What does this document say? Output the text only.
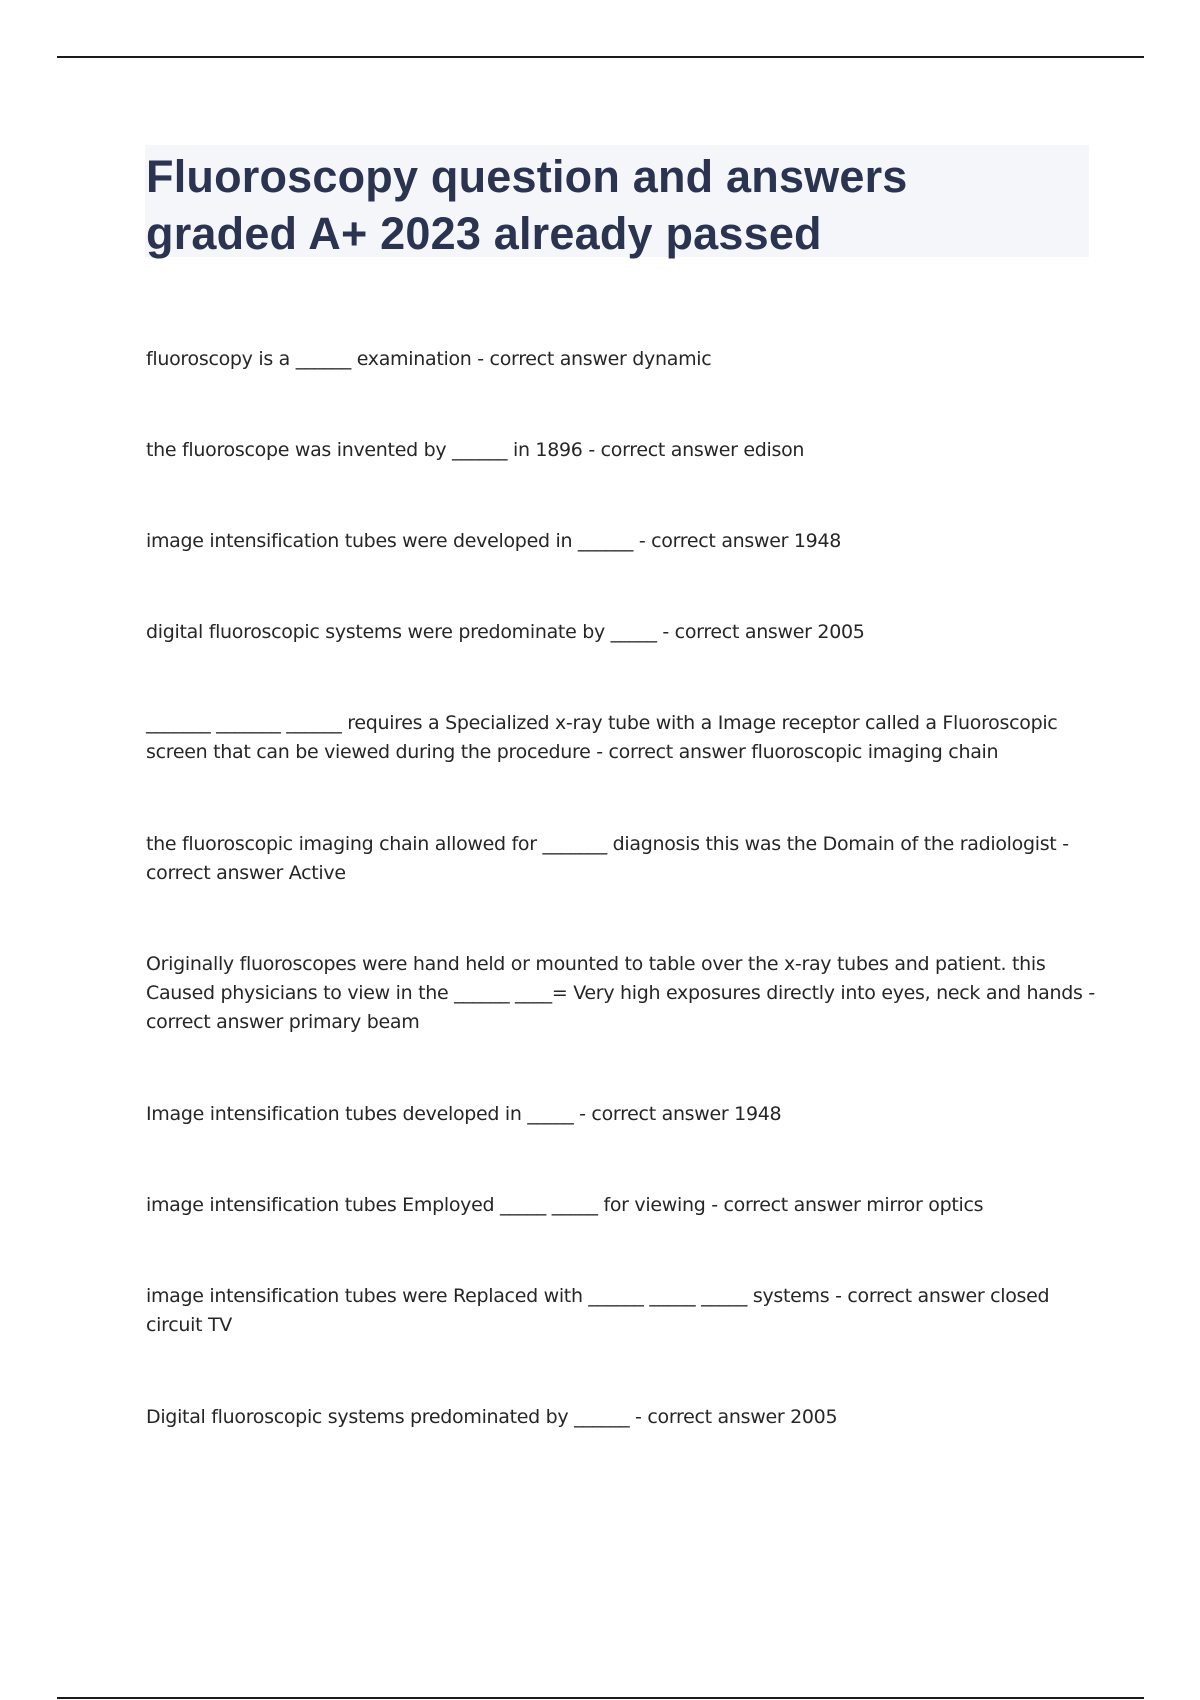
Fluoroscopy question and answers
graded A+ 2023 already passed
fluoroscopy is a ______ examination - correct answer dynamic
the fluoroscope was invented by ______ in 1896 - correct answer edison
image intensification tubes were developed in ______ - correct answer 1948
digital fluoroscopic systems were predominate by _____ - correct answer 2005
_______ _______ ______ requires a Specialized x-ray tube with a Image receptor called a Fluoroscopic screen that can be viewed during the procedure - correct answer fluoroscopic imaging chain
the fluoroscopic imaging chain allowed for _______ diagnosis this was the Domain of the radiologist - correct answer Active
Originally fluoroscopes were hand held or mounted to table over the x-ray tubes and patient. this Caused physicians to view in the ______ ____= Very high exposures directly into eyes, neck and hands - correct answer primary beam
Image intensification tubes developed in _____ - correct answer 1948
image intensification tubes Employed _____ _____ for viewing - correct answer mirror optics
image intensification tubes were Replaced with ______ _____ _____ systems - correct answer closed circuit TV
Digital fluoroscopic systems predominated by ______ - correct answer 2005
